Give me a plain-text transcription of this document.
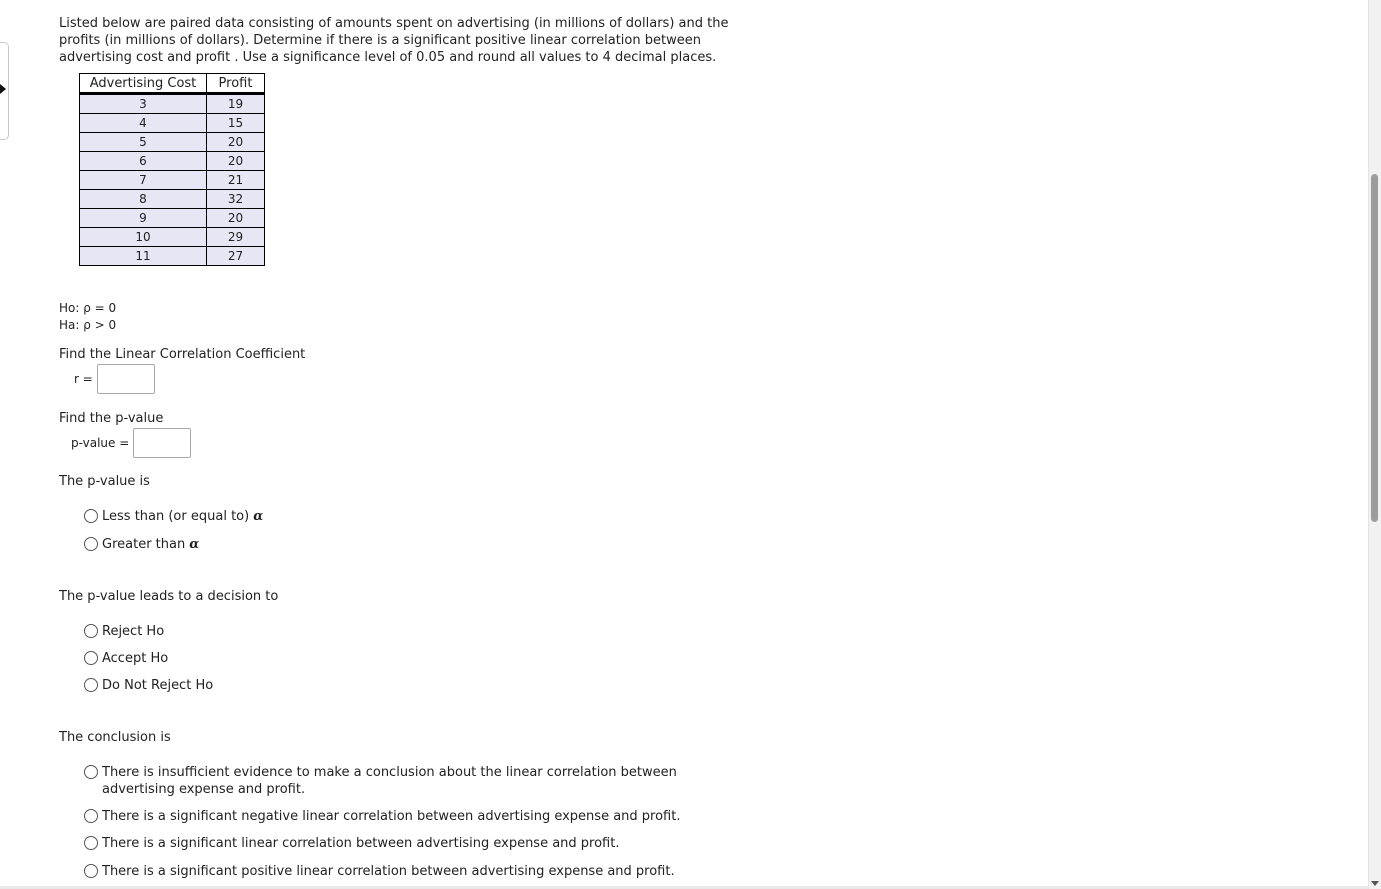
Listed below are paired data consisting of amounts spent on advertising (in millions of dollars) and the profits (in millions of dollars). Determine if there is a significant positive linear correlation between advertising cost and profit . Use a significance level of 0.05 and round all values to 4 decimal places.

Advertising Cost	Profit
3	19
4	15
5	20
6	20
7	21
8	32
9	20
10	29
11	27
Ho: ρ = 0
Ha: ρ > 0
Find the Linear Correlation Coefficient
r =
Find the p-value
p-value =
The p-value is
Less than (or equal to) α
Greater than α
The p-value leads to a decision to
Reject Ho
Accept Ho
Do Not Reject Ho
The conclusion is
There is insufficient evidence to make a conclusion about the linear correlation between advertising expense and profit.
There is a significant negative linear correlation between advertising expense and profit.
There is a significant linear correlation between advertising expense and profit.
There is a significant positive linear correlation between advertising expense and profit.
